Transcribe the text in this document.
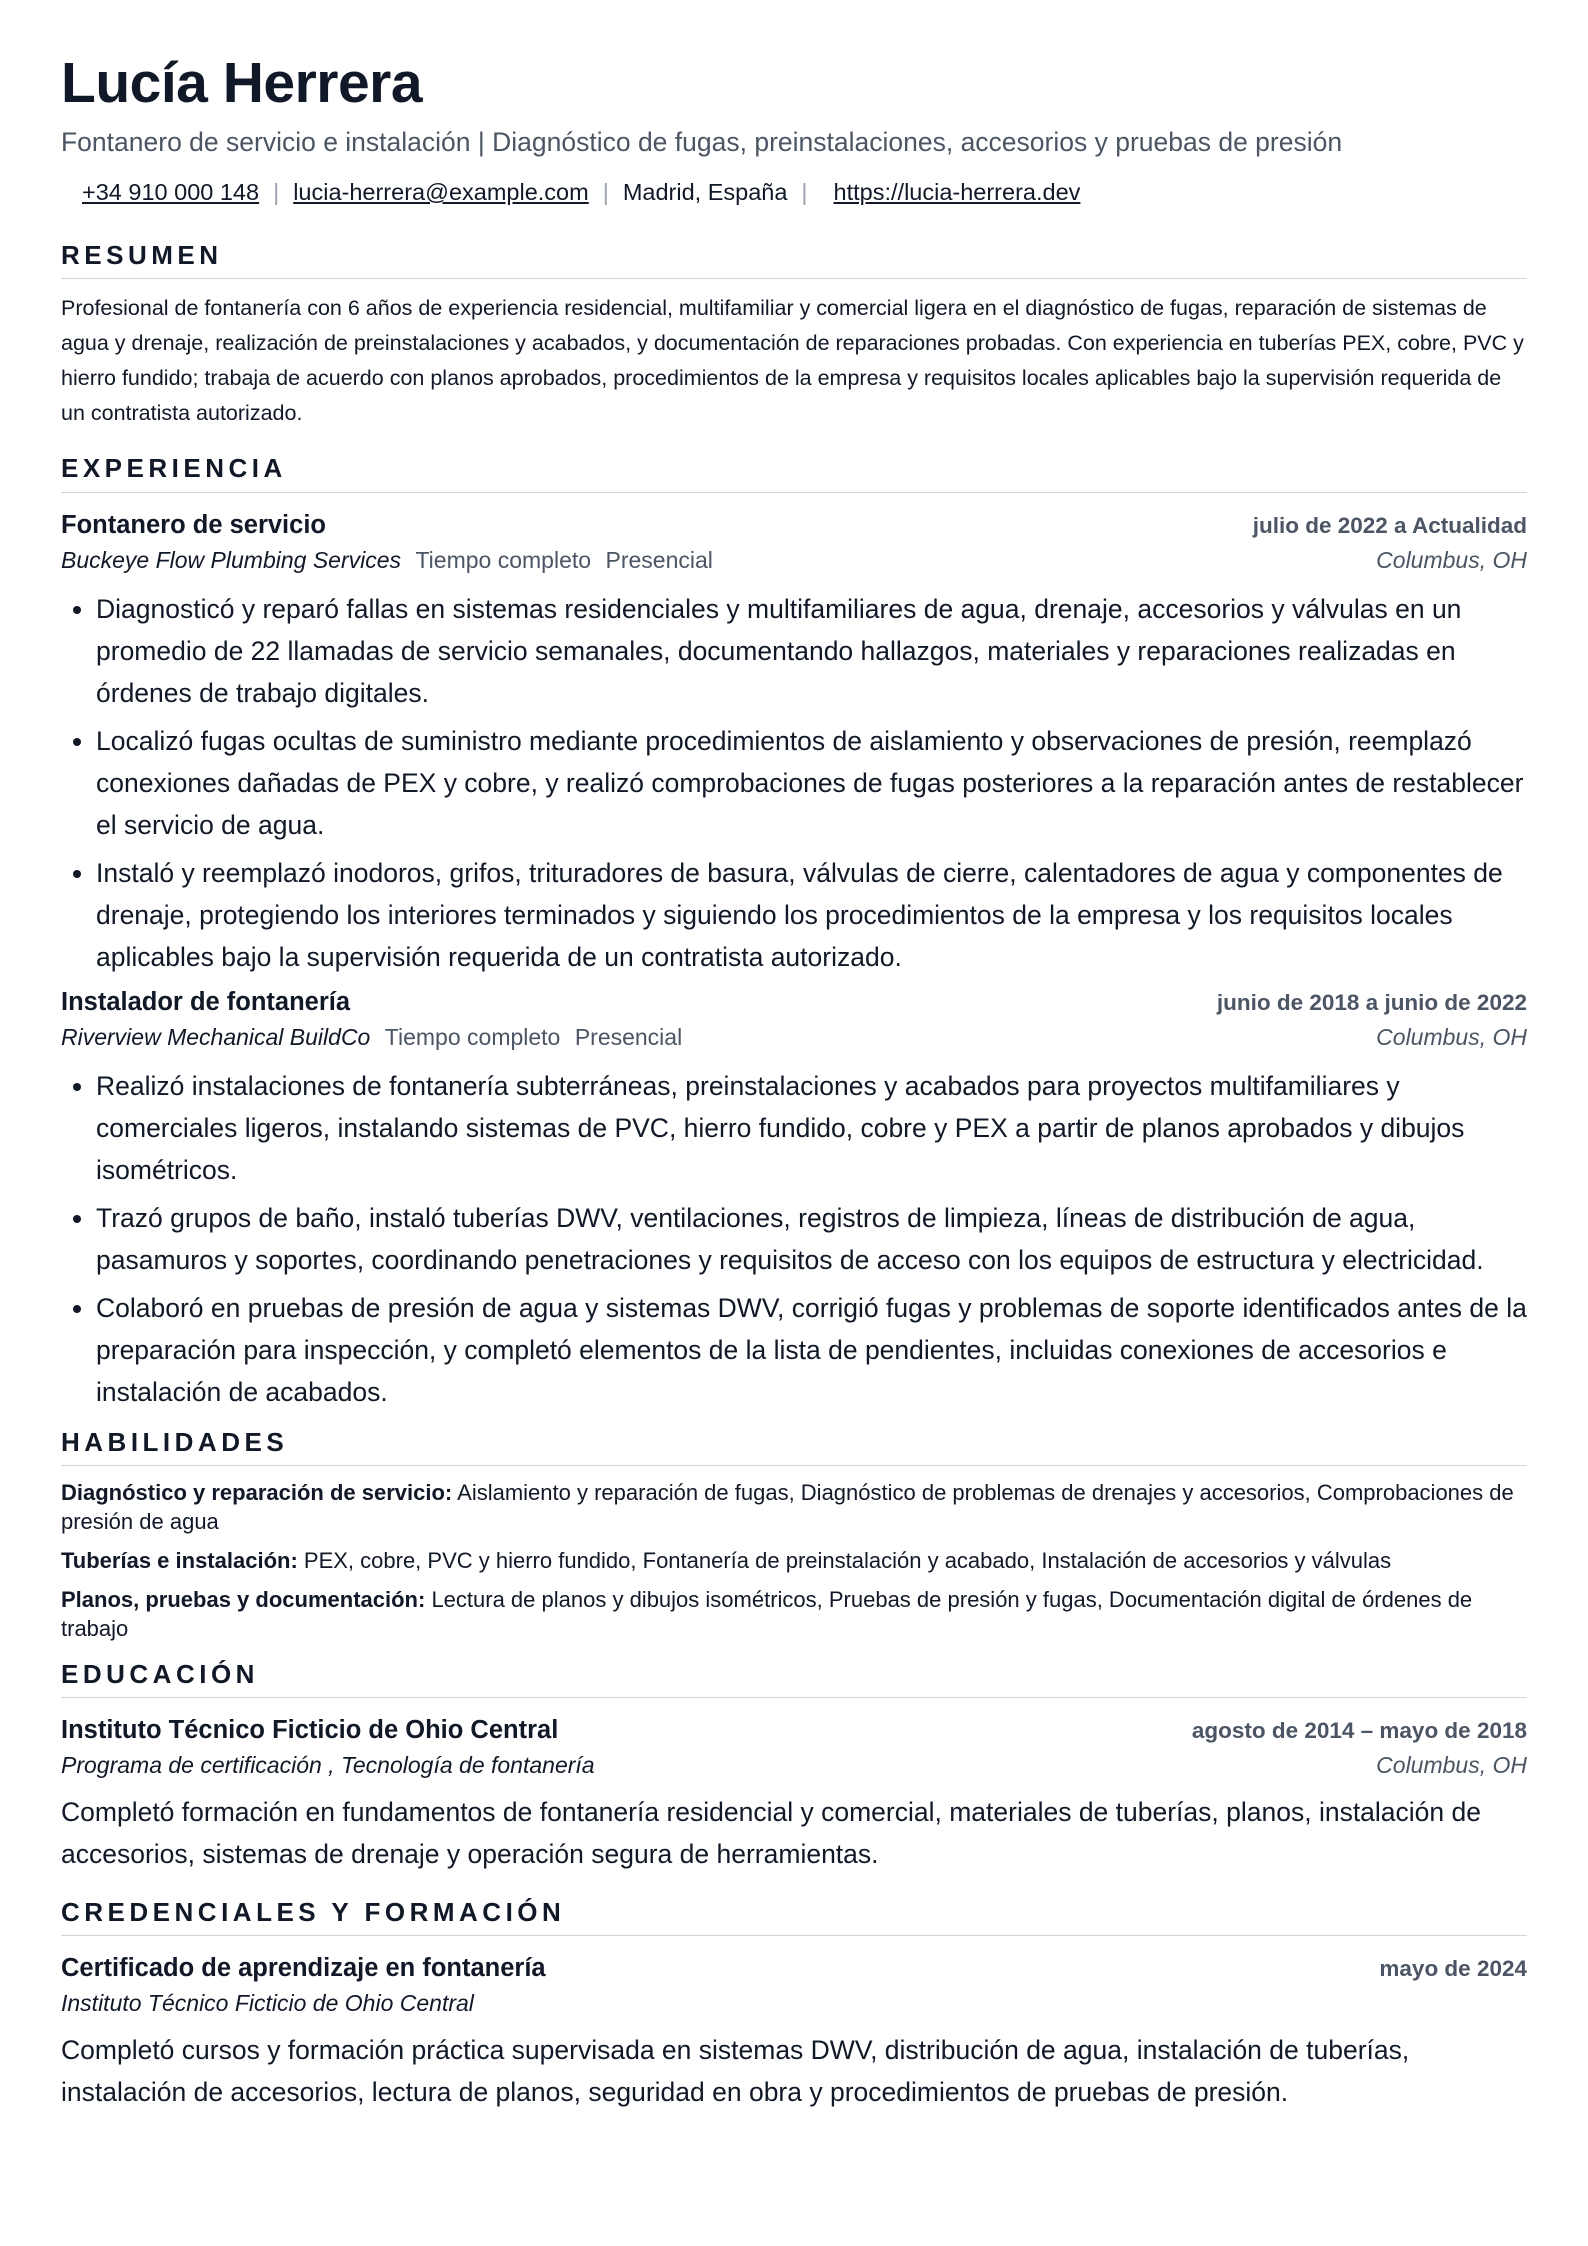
Lucía Herrera
Fontanero de servicio e instalación | Diagnóstico de fugas, preinstalaciones, accesorios y pruebas de presión
+34 910 000 148 | lucia-herrera@example.com | Madrid, España | https://lucia-herrera.dev
RESUMEN
Profesional de fontanería con 6 años de experiencia residencial, multifamiliar y comercial ligera en el diagnóstico de fugas, reparación de sistemas de agua y drenaje, realización de preinstalaciones y acabados, y documentación de reparaciones probadas. Con experiencia en tuberías PEX, cobre, PVC y hierro fundido; trabaja de acuerdo con planos aprobados, procedimientos de la empresa y requisitos locales aplicables bajo la supervisión requerida de un contratista autorizado.
EXPERIENCIA
Fontanero de servicio	julio de 2022 a Actualidad
Buckeye Flow Plumbing Services Tiempo completo Presencial	Columbus, OH
• Diagnosticó y reparó fallas en sistemas residenciales y multifamiliares de agua, drenaje, accesorios y válvulas en un promedio de 22 llamadas de servicio semanales, documentando hallazgos, materiales y reparaciones realizadas en órdenes de trabajo digitales.
• Localizó fugas ocultas de suministro mediante procedimientos de aislamiento y observaciones de presión, reemplazó conexiones dañadas de PEX y cobre, y realizó comprobaciones de fugas posteriores a la reparación antes de restablecer el servicio de agua.
• Instaló y reemplazó inodoros, grifos, trituradores de basura, válvulas de cierre, calentadores de agua y componentes de drenaje, protegiendo los interiores terminados y siguiendo los procedimientos de la empresa y los requisitos locales aplicables bajo la supervisión requerida de un contratista autorizado.
Instalador de fontanería	junio de 2018 a junio de 2022
Riverview Mechanical BuildCo Tiempo completo Presencial	Columbus, OH
• Realizó instalaciones de fontanería subterráneas, preinstalaciones y acabados para proyectos multifamiliares y comerciales ligeros, instalando sistemas de PVC, hierro fundido, cobre y PEX a partir de planos aprobados y dibujos isométricos.
• Trazó grupos de baño, instaló tuberías DWV, ventilaciones, registros de limpieza, líneas de distribución de agua, pasamuros y soportes, coordinando penetraciones y requisitos de acceso con los equipos de estructura y electricidad.
• Colaboró en pruebas de presión de agua y sistemas DWV, corrigió fugas y problemas de soporte identificados antes de la preparación para inspección, y completó elementos de la lista de pendientes, incluidas conexiones de accesorios e instalación de acabados.
HABILIDADES
Diagnóstico y reparación de servicio: Aislamiento y reparación de fugas, Diagnóstico de problemas de drenajes y accesorios, Comprobaciones de presión de agua
Tuberías e instalación: PEX, cobre, PVC y hierro fundido, Fontanería de preinstalación y acabado, Instalación de accesorios y válvulas
Planos, pruebas y documentación: Lectura de planos y dibujos isométricos, Pruebas de presión y fugas, Documentación digital de órdenes de trabajo
EDUCACIÓN
Instituto Técnico Ficticio de Ohio Central	agosto de 2014 – mayo de 2018
Programa de certificación , Tecnología de fontanería	Columbus, OH
Completó formación en fundamentos de fontanería residencial y comercial, materiales de tuberías, planos, instalación de accesorios, sistemas de drenaje y operación segura de herramientas.
CREDENCIALES Y FORMACIÓN
Certificado de aprendizaje en fontanería	mayo de 2024
Instituto Técnico Ficticio de Ohio Central
Completó cursos y formación práctica supervisada en sistemas DWV, distribución de agua, instalación de tuberías, instalación de accesorios, lectura de planos, seguridad en obra y procedimientos de pruebas de presión.
